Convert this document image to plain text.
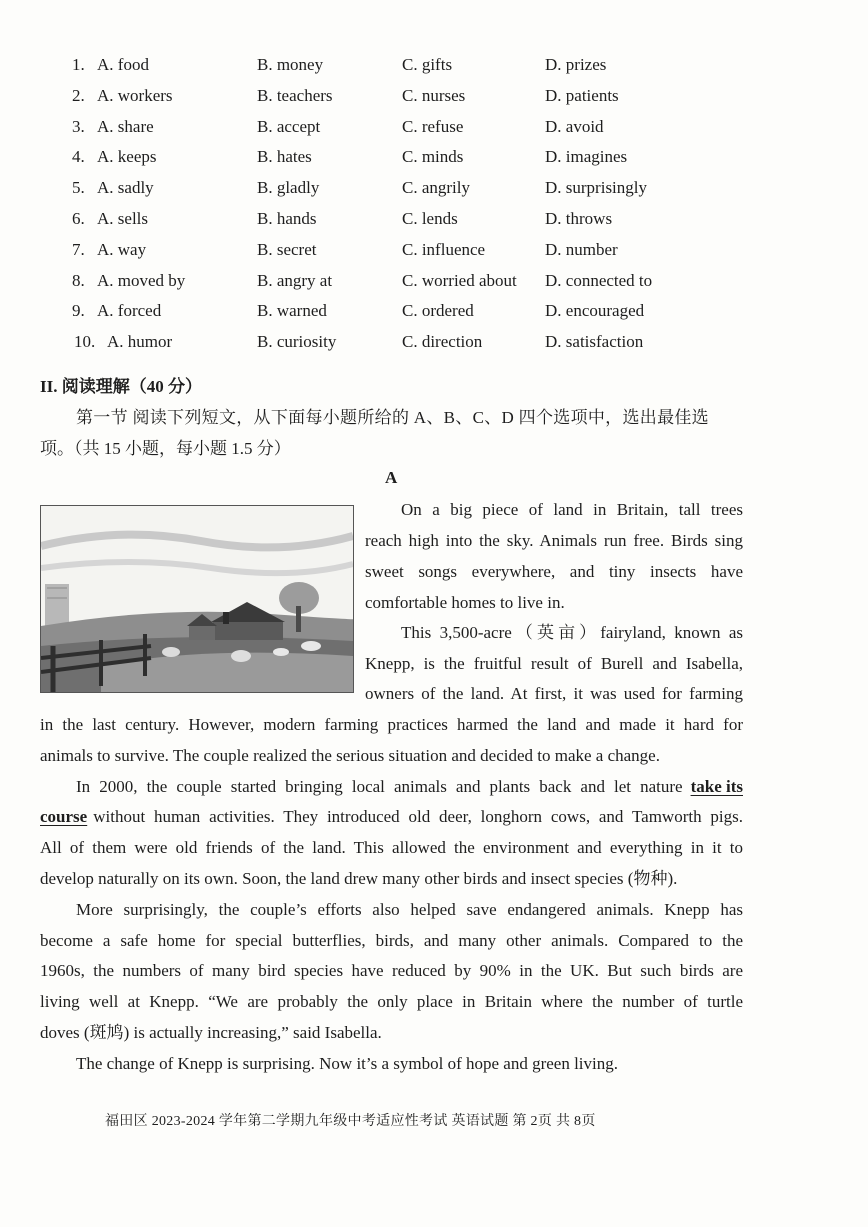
1. A. food	B. money	C. gifts	D. prizes
2. A. workers	B. teachers	C. nurses	D. patients
3. A. share	B. accept	C. refuse	D. avoid
4. A. keeps	B. hates	C. minds	D. imagines
5. A. sadly	B. gladly	C. angrily	D. surprisingly
6. A. sells	B. hands	C. lends	D. throws
7. A. way	B. secret	C. influence	D. number
8. A. moved by	B. angry at	C. worried about D. connected to
9. A. forced	B. warned	C. ordered	D. encouraged
10. A. humor	B. curiosity	C. direction	D. satisfaction
II. 阅读理解（40 分）
第一节 阅读下列短文，从下面每小题所给的 A、B、C、D 四个选项中，选出最佳选
项。（共 15 小题，每小题 1.5 分）
A
On a big piece of land in Britain, tall trees
reach high into the sky. Animals run free. Birds sing
sweet songs everywhere, and tiny insects have
comfortable homes to live in.
This 3,500-acre（英亩）fairyland, known as
Knepp, is the fruitful result of Burell and Isabella,
owners of the land. At first, it was used for farming
in the last century. However, modern farming practices harmed the land and made it hard for
animals to survive. The couple realized the serious situation and decided to make a change.
In 2000, the couple started bringing local animals and plants back and let nature take its
course without human activities. They introduced old deer, longhorn cows, and Tamworth pigs.
All of them were old friends of the land. This allowed the environment and everything in it to
develop naturally on its own. Soon, the land drew many other birds and insect species (物种).
More surprisingly, the couple’s efforts also helped save endangered animals. Knepp has
become a safe home for special butterflies, birds, and many other animals. Compared to the
1960s, the numbers of many bird species have reduced by 90% in the UK. But such birds are
living well at Knepp. “We are probably the only place in Britain where the number of turtle
doves (斑鸠) is actually increasing,” said Isabella.
The change of Knepp is surprising. Now it’s a symbol of hope and green living.
福田区 2023-2024 学年第二学期九年级中考适应性考试 英语试题 第 2页 共 8页
